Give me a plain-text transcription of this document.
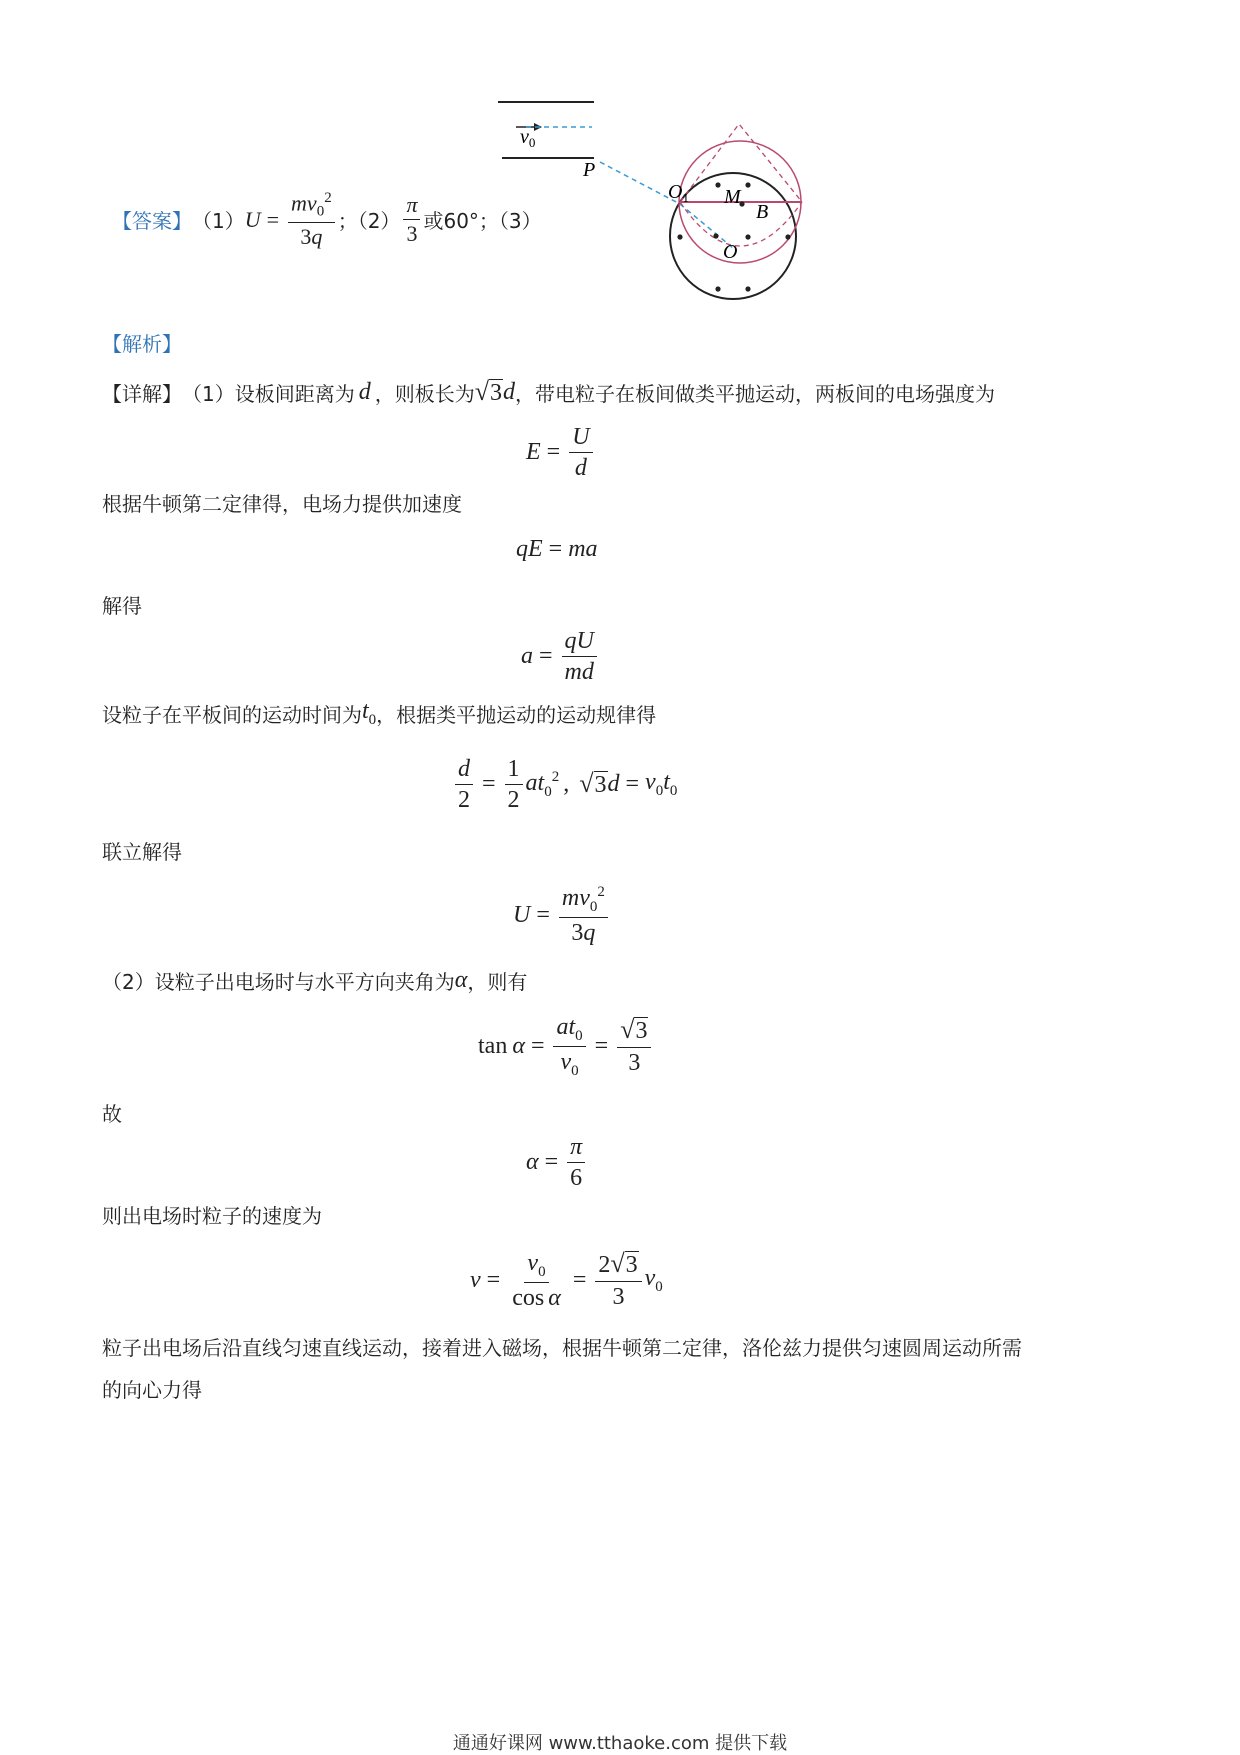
【答案】 （1） $U = \frac{mv_0^2}{3q}$ ；$(2) \frac{\pi}{3}$ 或60° ；（3）
$v_0$
P
$O_1$ M
B
O
【解析】
【详解】 （1）设板间距离为 d ，则板长为 √ 3 d ，带电粒子在板间做类平抛运动，两板间的电场强度为
$E = \frac{U}{d}$
根据牛顿第二定律得，电场力提供加速度
qE = ma
解得
$a = \frac{qU}{md}$
设粒子在平板间的运动时间为 $t_0$ ，根据类平抛运动的运动规律得
$\frac{d}{2} = \frac{1}{2} at_0^2$ , √ 3 $d = v_0t_0$
联立解得
$U = \frac{mv_0^2}{3q}$
（2）设粒子出电场时与水平方向夹角为 α ，则有
$\tan \alpha = \frac{at_0}{v_0} = \frac{√ 3}{3}$
故
$\alpha = \frac{\pi}{6}$
则出电场时粒子的速度为
$v = \frac{v_0}{\text{cos α}} = \frac{2 √ 3}{3} v_0$
粒子出电场后沿直线匀速直线运动，接着进入磁场，根据牛顿第二定律，洛伦兹力提供匀速圆周运动所需
的向心力得
通通好课网 www.tthaoke.com 提供下载
